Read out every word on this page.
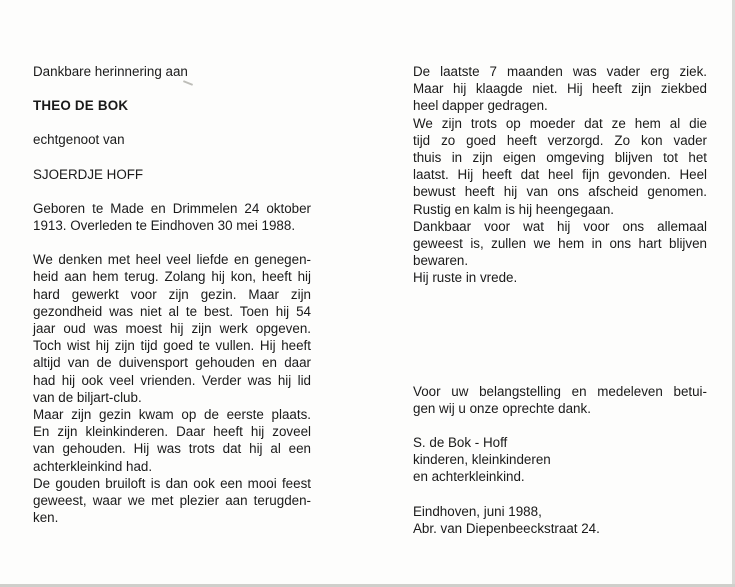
Dankbare herinnering aan
THEO DE BOK
echtgenoot van
SJOERDJE HOFF
Geboren te Made en Drimmelen 24 oktober
1913. Overleden te Eindhoven 30 mei 1988.
We denken met heel veel liefde en genegen-
heid aan hem terug. Zolang hij kon, heeft hij
hard gewerkt voor zijn gezin. Maar zijn
gezondheid was niet al te best. Toen hij 54
jaar oud was moest hij zijn werk opgeven.
Toch wist hij zijn tijd goed te vullen. Hij heeft
altijd van de duivensport gehouden en daar
had hij ook veel vrienden. Verder was hij lid
van de biljart-club.
Maar zijn gezin kwam op de eerste plaats.
En zijn kleinkinderen. Daar heeft hij zoveel
van gehouden. Hij was trots dat hij al een
achterkleinkind had.
De gouden bruiloft is dan ook een mooi feest
geweest, waar we met plezier aan terugden-
ken.
De laatste 7 maanden was vader erg ziek.
Maar hij klaagde niet. Hij heeft zijn ziekbed
heel dapper gedragen.
We zijn trots op moeder dat ze hem al die
tijd zo goed heeft verzorgd. Zo kon vader
thuis in zijn eigen omgeving blijven tot het
laatst. Hij heeft dat heel fijn gevonden. Heel
bewust heeft hij van ons afscheid genomen.
Rustig en kalm is hij heengegaan.
Dankbaar voor wat hij voor ons allemaal
geweest is, zullen we hem in ons hart blijven
bewaren.
Hij ruste in vrede.
Voor uw belangstelling en medeleven betui-
gen wij u onze oprechte dank.
S. de Bok - Hoff
kinderen, kleinkinderen
en achterkleinkind.
Eindhoven, juni 1988,
Abr. van Diepenbeeckstraat 24.
